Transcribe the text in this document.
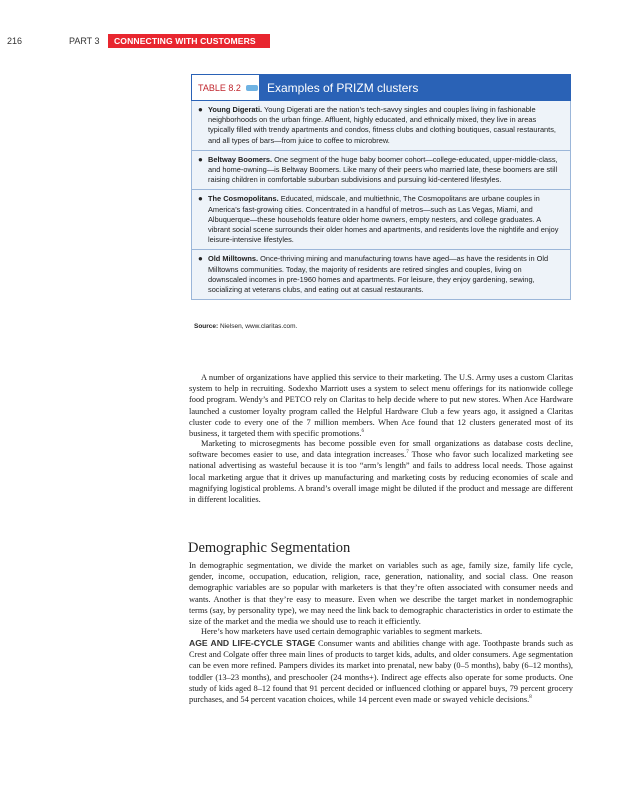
216	PART 3	CONNECTING WITH CUSTOMERS
TABLE 8.2	Examples of PRIZM clusters
● Young Digerati. Young Digerati are the nation’s tech-savvy singles and couples living in fashionable neighborhoods on the urban fringe. Affluent, highly educated, and ethnically mixed, they live in areas typically filled with trendy apartments and condos, fitness clubs and clothing boutiques, casual restaurants, and all types of bars—from juice to coffee to microbrew.
● Beltway Boomers. One segment of the huge baby boomer cohort—college-educated, upper-middle-class, and home-owning—is Beltway Boomers. Like many of their peers who married late, these boomers are still raising children in comfortable suburban subdivisions and pursuing kid-centered lifestyles.
● The Cosmopolitans. Educated, midscale, and multiethnic, The Cosmopolitans are urbane couples in America’s fast-growing cities. Concentrated in a handful of metros—such as Las Vegas, Miami, and Albuquerque—these households feature older home owners, empty nesters, and college graduates. A vibrant social scene surrounds their older homes and apartments, and residents love the nightlife and enjoy leisure-intensive lifestyles.
● Old Milltowns. Once-thriving mining and manufacturing towns have aged—as have the residents in Old Milltowns communities. Today, the majority of residents are retired singles and couples, living on downscaled incomes in pre-1960 homes and apartments. For leisure, they enjoy gardening, sewing, socializing at veterans clubs, and eating out at casual restaurants.
Source: Nielsen, www.claritas.com.

A number of organizations have applied this service to their marketing. The U.S. Army uses a custom Claritas system to help in recruiting. Sodexho Marriott uses a system to select menu offerings for its nationwide college food program. Wendy’s and PETCO rely on Claritas to help decide where to put new stores. When Ace Hardware launched a customer loyalty program called the Helpful Hardware Club a few years ago, it assigned a Claritas cluster code to every one of the 7 million members. When Ace found that 12 clusters generated most of its business, it targeted them with specific promotions.$^6$

Marketing to microsegments has become possible even for small organizations as database costs decline, software becomes easier to use, and data integration increases.$^7$ Those who favor such localized marketing see national advertising as wasteful because it is too “arm’s length” and fails to address local needs. Those against local marketing argue that it drives up manufacturing and marketing costs by reducing economies of scale and magnifying logistical problems. A brand’s overall image might be diluted if the product and message are different in different localities.

Demographic Segmentation

In demographic segmentation, we divide the market on variables such as age, family size, family life cycle, gender, income, occupation, education, religion, race, generation, nationality, and social class. One reason demographic variables are so popular with marketers is that they’re often associated with consumer needs and wants. Another is that they’re easy to measure. Even when we describe the target market in nondemographic terms (say, by personality type), we may need the link back to demographic characteristics in order to estimate the size of the market and the media we should use to reach it efficiently.

Here’s how marketers have used certain demographic variables to segment markets.

AGE AND LIFE-CYCLE STAGE Consumer wants and abilities change with age. Toothpaste brands such as Crest and Colgate offer three main lines of products to target kids, adults, and older consumers. Age segmentation can be even more refined. Pampers divides its market into prenatal, new baby (0–5 months), baby (6–12 months), toddler (13–23 months), and preschooler (24 months+). Indirect age effects also operate for some products. One study of kids aged 8–12 found that 91 percent decided or influenced clothing or apparel buys, 79 percent grocery purchases, and 54 percent vacation choices, while 14 percent even made or swayed vehicle decisions.$^8$
